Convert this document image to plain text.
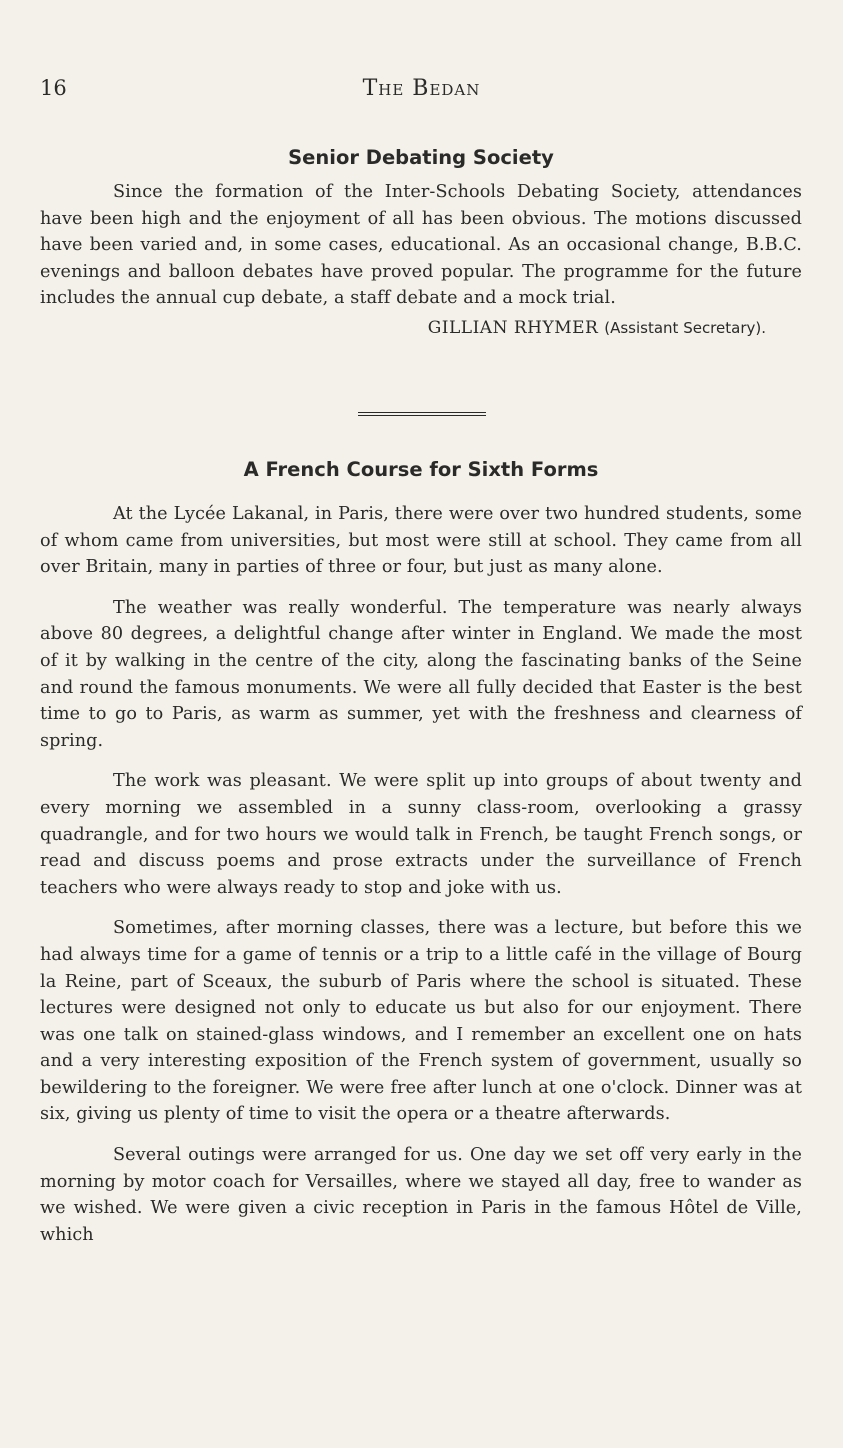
16	The Bedan
Senior Debating Society

Since the formation of the Inter-Schools Debating Society, attendances have been high and the enjoyment of all has been obvious. The motions discussed have been varied and, in some cases, educational. As an occasional change, B.B.C. evenings and balloon debates have proved popular. The programme for the future includes the annual cup debate, a staff debate and a mock trial.

GILLIAN RHYMER (Assistant Secretary).

A French Course for Sixth Forms

At the Lycée Lakanal, in Paris, there were over two hundred students, some of whom came from universities, but most were still at school. They came from all over Britain, many in parties of three or four, but just as many alone.

The weather was really wonderful. The temperature was nearly always above 80 degrees, a delightful change after winter in England. We made the most of it by walking in the centre of the city, along the fascinating banks of the Seine and round the famous monuments. We were all fully decided that Easter is the best time to go to Paris, as warm as summer, yet with the freshness and clearness of spring.

The work was pleasant. We were split up into groups of about twenty and every morning we assembled in a sunny class-room, overlooking a grassy quadrangle, and for two hours we would talk in French, be taught French songs, or read and discuss poems and prose extracts under the surveillance of French teachers who were always ready to stop and joke with us.

Sometimes, after morning classes, there was a lecture, but before this we had always time for a game of tennis or a trip to a little café in the village of Bourg la Reine, part of Sceaux, the suburb of Paris where the school is situated. These lectures were designed not only to educate us but also for our enjoyment. There was one talk on stained-glass windows, and I remember an excellent one on hats and a very interesting exposition of the French system of government, usually so bewildering to the foreigner. We were free after lunch at one o'clock. Dinner was at six, giving us plenty of time to visit the opera or a theatre afterwards.

Several outings were arranged for us. One day we set off very early in the morning by motor coach for Versailles, where we stayed all day, free to wander as we wished. We were given a civic reception in Paris in the famous Hôtel de Ville, which
